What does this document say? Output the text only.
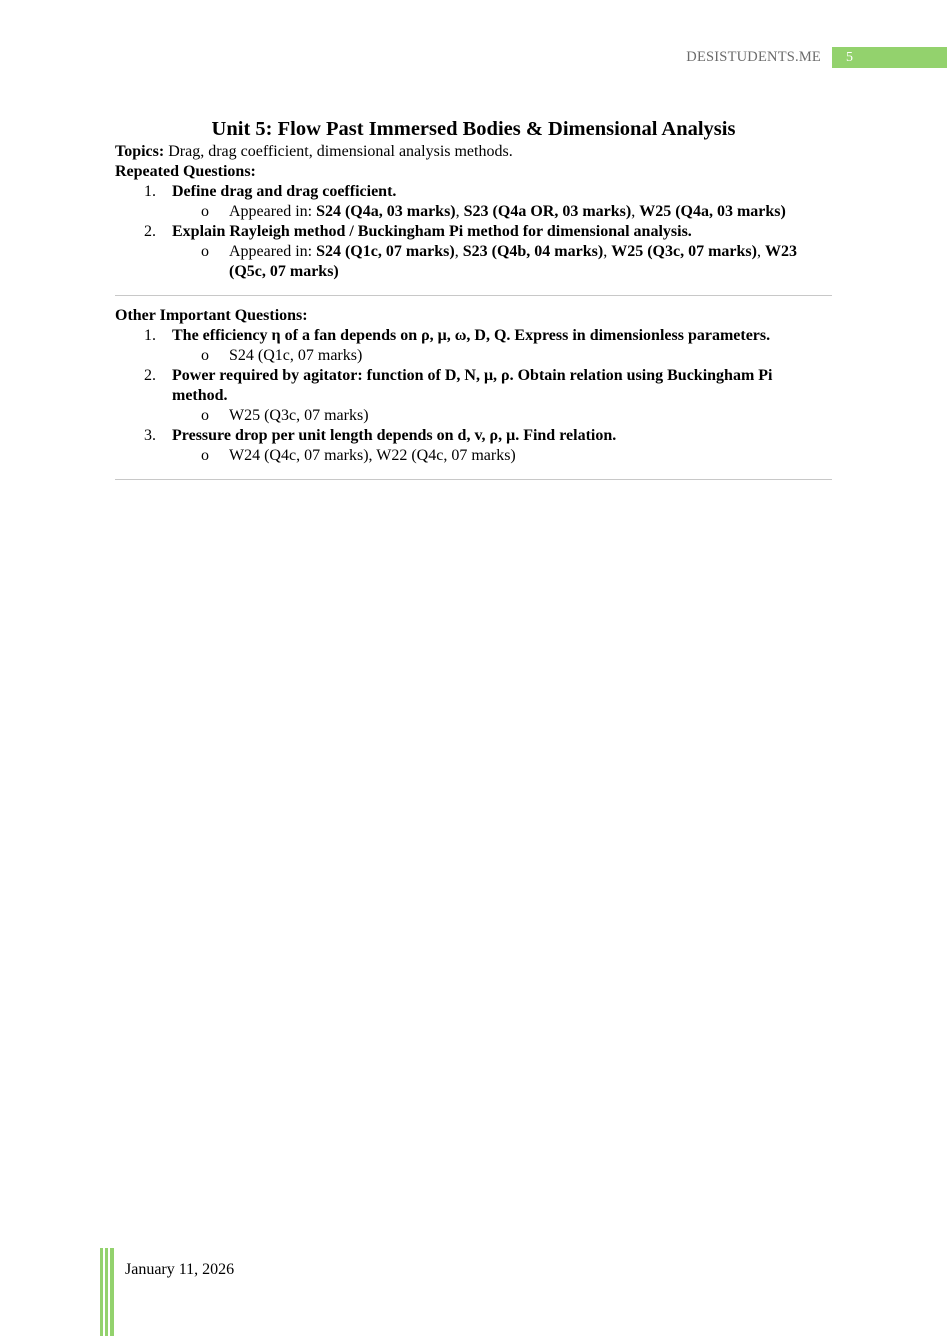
DESISTUDENTS.ME	5
Unit 5: Flow Past Immersed Bodies & Dimensional Analysis
Topics: Drag, drag coefficient, dimensional analysis methods.
Repeated Questions:
1. Define drag and drag coefficient.
o Appeared in: S24 (Q4a, 03 marks), S23 (Q4a OR, 03 marks), W25 (Q4a, 03 marks)
2. Explain Rayleigh method / Buckingham Pi method for dimensional analysis.
o Appeared in: S24 (Q1c, 07 marks), S23 (Q4b, 04 marks), W25 (Q3c, 07 marks), W23 (Q5c, 07 marks)
Other Important Questions:
1. The efficiency η of a fan depends on ρ, μ, ω, D, Q. Express in dimensionless parameters.
o S24 (Q1c, 07 marks)
2. Power required by agitator: function of D, N, μ, ρ. Obtain relation using Buckingham Pi method.
o W25 (Q3c, 07 marks)
3. Pressure drop per unit length depends on d, v, ρ, μ. Find relation.
o W24 (Q4c, 07 marks), W22 (Q4c, 07 marks)
January 11, 2026
